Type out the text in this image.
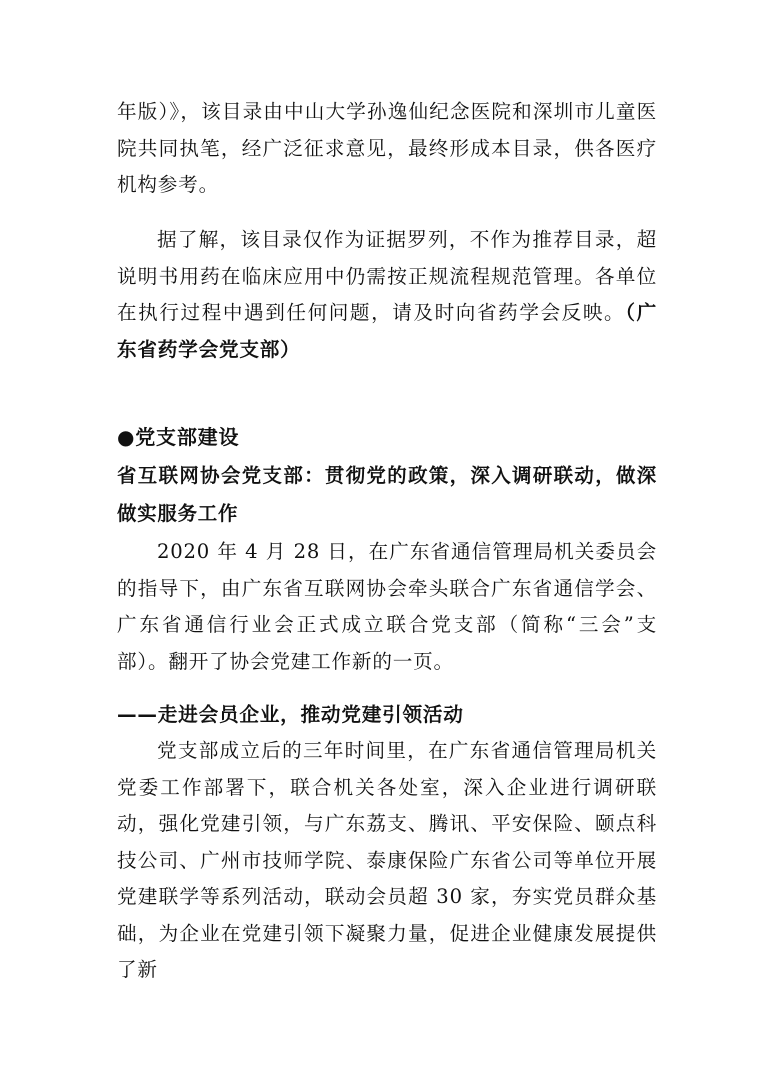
年版）》，该目录由中山大学孙逸仙纪念医院和深圳市儿童医院共同执笔，经广泛征求意见，最终形成本目录，供各医疗机构参考。

据了解，该目录仅作为证据罗列，不作为推荐目录，超说明书用药在临床应用中仍需按正规流程规范管理。各单位在执行过程中遇到任何问题，请及时向省药学会反映。（广东省药学会党支部）

●党支部建设

省互联网协会党支部：贯彻党的政策，深入调研联动，做深做实服务工作

2020 年 4 月 28 日，在广东省通信管理局机关委员会的指导下，由广东省互联网协会牵头联合广东省通信学会、广东省通信行业会正式成立联合党支部（简称“三会”支部）。翻开了协会党建工作新的一页。

——走进会员企业，推动党建引领活动

党支部成立后的三年时间里，在广东省通信管理局机关党委工作部署下，联合机关各处室，深入企业进行调研联动，强化党建引领，与广东荔支、腾讯、平安保险、颐点科技公司、广州市技师学院、泰康保险广东省公司等单位开展党建联学等系列活动，联动会员超 30 家，夯实党员群众基础，为企业在党建引领下凝聚力量，促进企业健康发展提供了新
